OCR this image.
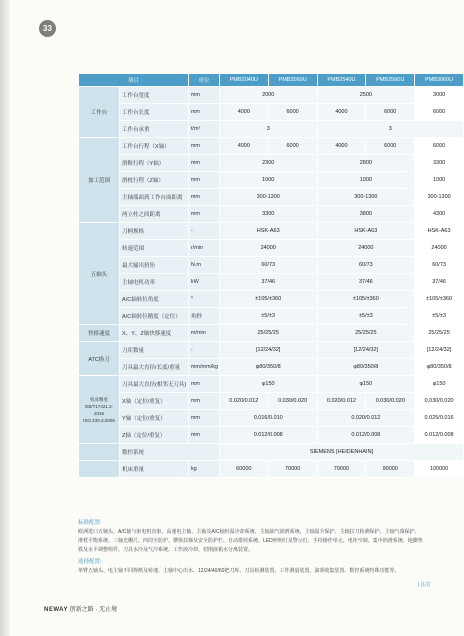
33
项目		单位	PMB2040U	PMB2060U	PMB2540U	PMB2560U	PMB3060U
工作台	工作台宽度	mm	2000		2500		3000
	工作台长度	mm	4000	6000	4000	6000	6000
	工作台承重	t/m²	3		3		
加工范围	工作台行程（X轴）	mm	4000	6000	4000	6000	6000
	滑鞍行程（Y轴）	mm	2300		2800		3300
	滑枕行程（Z轴）	mm	1000		1000		1000
	主轴端面到工作台面距离	mm	300-1300		300-1300		300-1300
	两立柱之间距离	mm	3300		3800		4300
五轴头	刀柄规格	-	HSK-A63		HSK-A63		HSK-A63
	转速范围	r/min	24000		24000		24000
	最大输出扭矩	N.m	60/73		60/73		60/73
	主轴电机功率	kW	37/46		37/46		37/46
	A/C轴转位角度	°	±105/±360		±105/±360		±105/±360
	A/C轴转位精度（定位）	角秒	±5/±3		±5/±3		±5/±3
快移速度	X、Y、Z轴快移速度	m/min	25/25/25		25/25/25		25/25/25
ATC换刀	刀库数量	-	[12/24/32]		[12/24/32]		[12/24/32]
	刀具最大直径/长度/重量	mm/mm/kg	φ80/350/8		φ80/350/8		φ80/350/8
机床精度
GB/T17421.2-2016
ISO 230-2:2006	刀具最大直径(相邻无刀具)	mm	φ150		φ150		φ150
	X轴（定位/重复）	mm	0.020/0.012	0.030/0.020	0.020/0.012	0.030/0.020	0.030/0.020
	Y轴（定位/重复）	mm	0.016/0.010		0.020/0.012		0.025/0.016
	Z轴（定位/重复）	mm	0.012/0.008		0.012/0.008		0.012/0.008
	数控系统		SIEMENS [HEIDENHAIN]				
	机床重量	kg	60000	70000	70000	90000	100000
标准配置:
欧洲进口五轴头、A/C轴与驱电机直驱、高速电主轴、主轴及A/C轴恒温冷却系统、主轴油气润滑系统、主轴温升保护、主轴拉刀检测保护、主轴气幕保护、滑枕平衡系统、三轴光栅尺、四周全防护、横梁扶梯及安全防护栏、自动排屑系统、LED照明灯及警示灯、手持操作单元、电柜空调、集中润滑系统、地脚垫铁及水平调整组件、刀具水冷及气冷系统、工作液冷却、切削液箱水分离装置。
选择配置:
单臂五轴头、电主轴不同规格及转速、主轴中心出水、12/24/40/60把刀库、刀具检测装置、工件测量装置、油雾收集装置、数控系统特殊功能等。
| 法若
NEWAY 创新之路 · 无止境
